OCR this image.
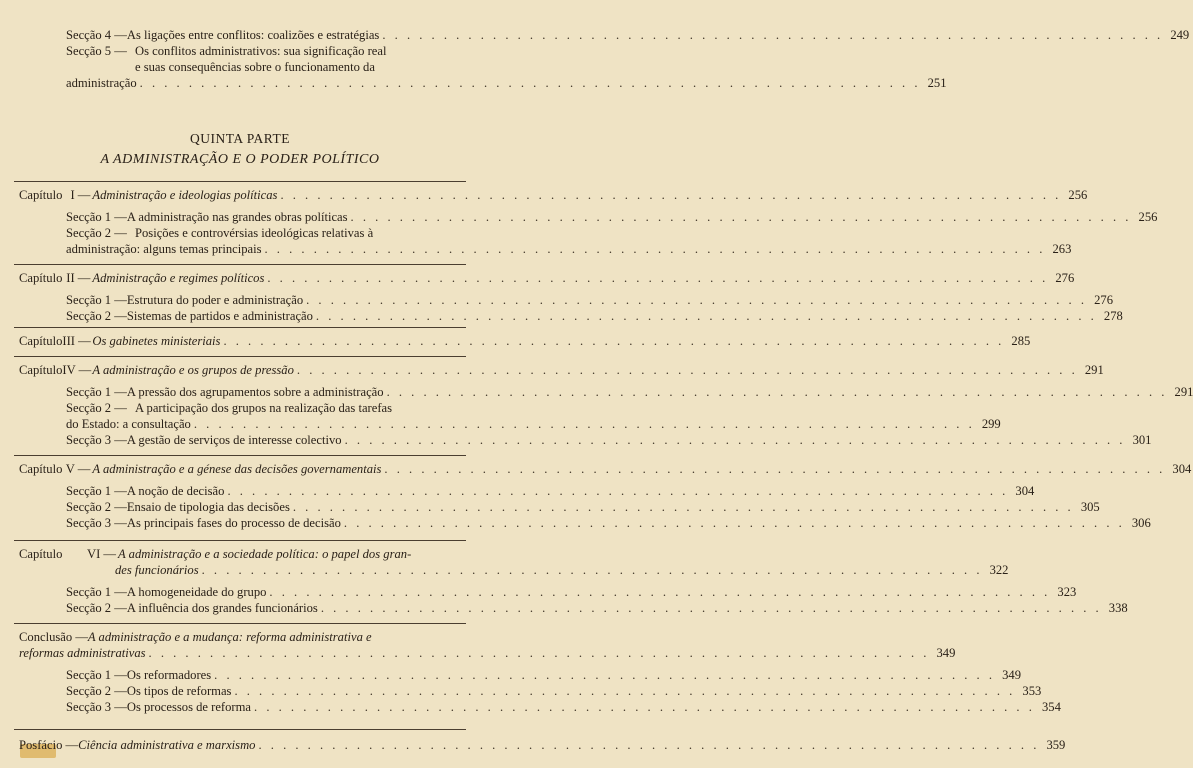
Secção 4 — As ligações entre conflitos: coalizões e estratégias . . . . . . . . . . . . . . . . . . . . . . . . . . . . . . . . . . . . . . . . . . . . . . . . . . . . . . . . . . . . . . . . 249
Secção 5 — Os conflitos administrativos: sua significação real
e suas consequências sobre o funcionamento da
administração . . . . . . . . . . . . . . . . . . . . . . . . . . . . . . . . . . . . . . . . . . . . . . . . . . . . . . . . . . . . . . . . 251
QUINTA PARTE
A ADMINISTRAÇÃO E O PODER POLÍTICO
Capítulo I — Administração e ideologias políticas . . . . . . . . . . . . . . . . . . . . . . . . . . . . . . . . . . . . . . . . . . . . . . . . . . . . . . . . . . . . . . . . 256
Secção 1 — A administração nas grandes obras políticas . . . . . . . . . . . . . . . . . . . . . . . . . . . . . . . . . . . . . . . . . . . . . . . . . . . . . . . . . . . . . . . . 256
Secção 2 — Posições e controvérsias ideológicas relativas à
administração: alguns temas principais . . . . . . . . . . . . . . . . . . . . . . . . . . . . . . . . . . . . . . . . . . . . . . . . . . . . . . . . . . . . . . . . 263
Capítulo II — Administração e regimes políticos . . . . . . . . . . . . . . . . . . . . . . . . . . . . . . . . . . . . . . . . . . . . . . . . . . . . . . . . . . . . . . . . 276
Secção 1 — Estrutura do poder e administração . . . . . . . . . . . . . . . . . . . . . . . . . . . . . . . . . . . . . . . . . . . . . . . . . . . . . . . . . . . . . . . . 276
Secção 2 — Sistemas de partidos e administração . . . . . . . . . . . . . . . . . . . . . . . . . . . . . . . . . . . . . . . . . . . . . . . . . . . . . . . . . . . . . . . . 278
Capítulo III — Os gabinetes ministeriais . . . . . . . . . . . . . . . . . . . . . . . . . . . . . . . . . . . . . . . . . . . . . . . . . . . . . . . . . . . . . . . . 285
Capítulo IV — A administração e os grupos de pressão . . . . . . . . . . . . . . . . . . . . . . . . . . . . . . . . . . . . . . . . . . . . . . . . . . . . . . . . . . . . . . . . 291
Secção 1 — A pressão dos agrupamentos sobre a administração . . . . . . . . . . . . . . . . . . . . . . . . . . . . . . . . . . . . . . . . . . . . . . . . . . . . . . . . . . . . . . . . 291
Secção 2 — A participação dos grupos na realização das tarefas
do Estado: a consultação . . . . . . . . . . . . . . . . . . . . . . . . . . . . . . . . . . . . . . . . . . . . . . . . . . . . . . . . . . . . . . . . 299
Secção 3 — A gestão de serviços de interesse colectivo . . . . . . . . . . . . . . . . . . . . . . . . . . . . . . . . . . . . . . . . . . . . . . . . . . . . . . . . . . . . . . . . 301
Capítulo V — A administração e a génese das decisões governamentais . . . . . . . . . . . . . . . . . . . . . . . . . . . . . . . . . . . . . . . . . . . . . . . . . . . . . . . . . . . . . . . . 304
Secção 1 — A noção de decisão . . . . . . . . . . . . . . . . . . . . . . . . . . . . . . . . . . . . . . . . . . . . . . . . . . . . . . . . . . . . . . . . 304
Secção 2 — Ensaio de tipologia das decisões . . . . . . . . . . . . . . . . . . . . . . . . . . . . . . . . . . . . . . . . . . . . . . . . . . . . . . . . . . . . . . . . 305
Secção 3 — As principais fases do processo de decisão . . . . . . . . . . . . . . . . . . . . . . . . . . . . . . . . . . . . . . . . . . . . . . . . . . . . . . . . . . . . . . . . 306
Capítulo	VI — A administração e a sociedade política: o papel dos gran-
des funcionários . . . . . . . . . . . . . . . . . . . . . . . . . . . . . . . . . . . . . . . . . . . . . . . . . . . . . . . . . . . . . . . . 322
Secção 1 — A homogeneidade do grupo . . . . . . . . . . . . . . . . . . . . . . . . . . . . . . . . . . . . . . . . . . . . . . . . . . . . . . . . . . . . . . . . 323
Secção 2 — A influência dos grandes funcionários . . . . . . . . . . . . . . . . . . . . . . . . . . . . . . . . . . . . . . . . . . . . . . . . . . . . . . . . . . . . . . . . 338
Conclusão — A administração e a mudança: reforma administrativa e
reformas administrativas . . . . . . . . . . . . . . . . . . . . . . . . . . . . . . . . . . . . . . . . . . . . . . . . . . . . . . . . . . . . . . . . 349
Secção 1 — Os reformadores . . . . . . . . . . . . . . . . . . . . . . . . . . . . . . . . . . . . . . . . . . . . . . . . . . . . . . . . . . . . . . . . 349
Secção 2 — Os tipos de reformas . . . . . . . . . . . . . . . . . . . . . . . . . . . . . . . . . . . . . . . . . . . . . . . . . . . . . . . . . . . . . . . . 353
Secção 3 — Os processos de reforma . . . . . . . . . . . . . . . . . . . . . . . . . . . . . . . . . . . . . . . . . . . . . . . . . . . . . . . . . . . . . . . . 354
Posfácio — Ciência administrativa e marxismo . . . . . . . . . . . . . . . . . . . . . . . . . . . . . . . . . . . . . . . . . . . . . . . . . . . . . . . . . . . . . . . . 359
